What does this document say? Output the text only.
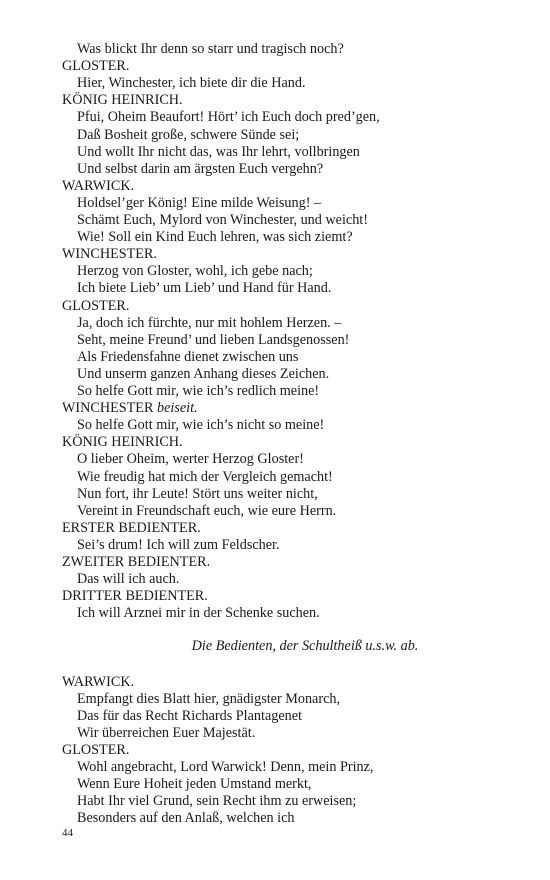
Was blickt Ihr denn so starr und tragisch noch?
GLOSTER.
Hier, Winchester, ich biete dir die Hand.
KÖNIG HEINRICH.
Pfui, Oheim Beaufort! Hört’ ich Euch doch pred’gen,
Daß Bosheit große, schwere Sünde sei;
Und wollt Ihr nicht das, was Ihr lehrt, vollbringen
Und selbst darin am ärgsten Euch vergehn?
WARWICK.
Holdsel’ger König! Eine milde Weisung! –
Schämt Euch, Mylord von Winchester, und weicht!
Wie! Soll ein Kind Euch lehren, was sich ziemt?
WINCHESTER.
Herzog von Gloster, wohl, ich gebe nach;
Ich biete Lieb’ um Lieb’ und Hand für Hand.
GLOSTER.
Ja, doch ich fürchte, nur mit hohlem Herzen. –
Seht, meine Freund’ und lieben Landsgenossen!
Als Friedensfahne dienet zwischen uns
Und unserm ganzen Anhang dieses Zeichen.
So helfe Gott mir, wie ich’s redlich meine!
WINCHESTER beiseit.
So helfe Gott mir, wie ich’s nicht so meine!
KÖNIG HEINRICH.
O lieber Oheim, werter Herzog Gloster!
Wie freudig hat mich der Vergleich gemacht!
Nun fort, ihr Leute! Stört uns weiter nicht,
Vereint in Freundschaft euch, wie eure Herrn.
ERSTER BEDIENTER.
Sei’s drum! Ich will zum Feldscher.
ZWEITER BEDIENTER.
Das will ich auch.
DRITTER BEDIENTER.
Ich will Arznei mir in der Schenke suchen.
Die Bedienten, der Schultheiß u.s.w. ab.
WARWICK.
Empfangt dies Blatt hier, gnädigster Monarch,
Das für das Recht Richards Plantagenet
Wir überreichen Euer Majestät.
GLOSTER.
Wohl angebracht, Lord Warwick! Denn, mein Prinz,
Wenn Eure Hoheit jeden Umstand merkt,
Habt Ihr viel Grund, sein Recht ihm zu erweisen;
Besonders auf den Anlaß, welchen ich
44
